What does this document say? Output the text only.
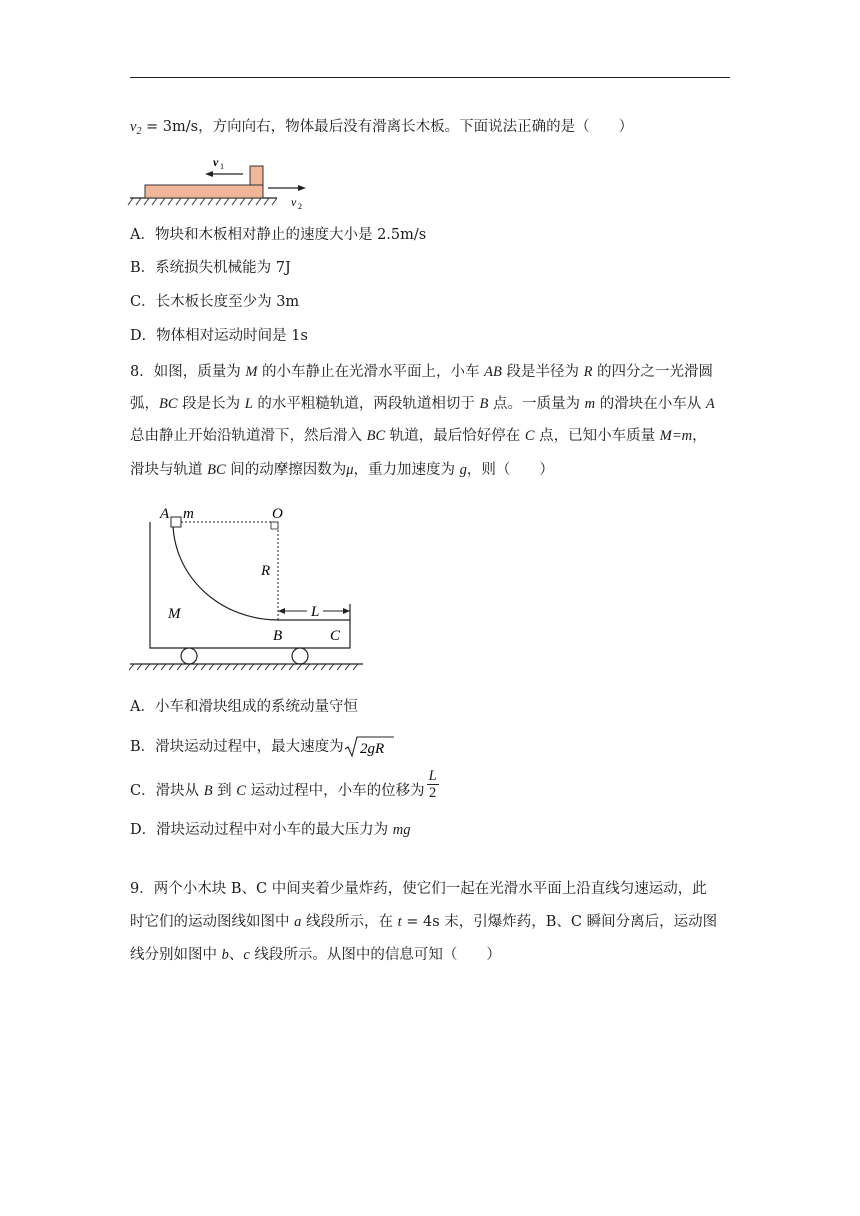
$v_2 = 3m/s$，方向向右，物体最后没有滑离长木板。下面说法正确的是（　　）
v 1
v 2
A．物块和木板相对静止的速度大小是 2.5m/s
B．系统损失机械能为 7J
C．长木板长度至少为 3m
D．物体相对运动时间是 1s
8．如图，质量为 M 的小车静止在光滑水平面上，小车 AB 段是半径为 R 的四分之一光滑圆
弧，BC 段是长为 L 的水平粗糙轨道，两段轨道相切于 B 点。一质量为 m 的滑块在小车从 A
总由静止开始沿轨道滑下，然后滑入 BC 轨道，最后恰好停在 C 点，已知小车质量 M=m，
滑块与轨道 BC 间的动摩擦因数为μ，重力加速度为 g，则（　　）
A m	O
R
M	L
B	C
A．小车和滑块组成的系统动量守恒
B．滑块运动过程中，最大速度为 2gR
C．滑块从 B 到 C 运动过程中，小车的位移为 $\frac{L}{2}$
D．滑块运动过程中对小车的最大压力为 mg
9．两个小木块 B、C 中间夹着少量炸药，使它们一起在光滑水平面上沿直线匀速运动，此
时它们的运动图线如图中 a 线段所示，在 t = 4s 末，引爆炸药，B、C 瞬间分离后，运动图
线分别如图中 b、c 线段所示。从图中的信息可知（　　）
